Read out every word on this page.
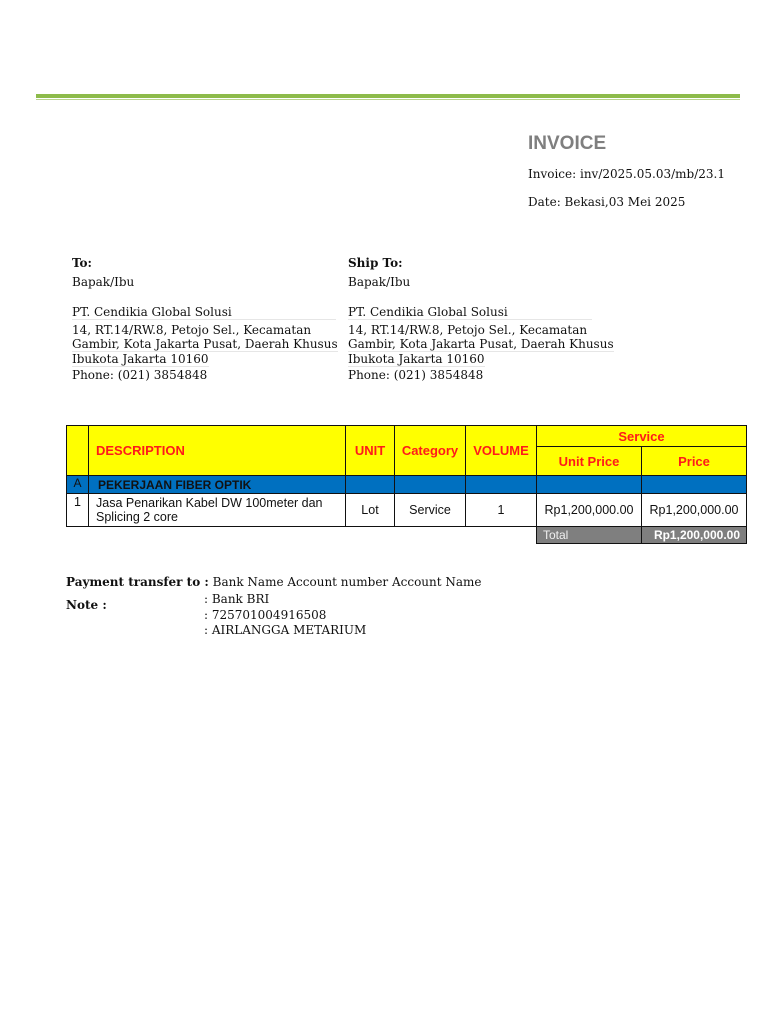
INVOICE
Invoice: inv/2025.05.03/mb/23.1
Date: Bekasi,03 Mei 2025
To:
Bapak/Ibu
PT. Cendikia Global Solusi
14, RT.14/RW.8, Petojo Sel., Kecamatan
Gambir, Kota Jakarta Pusat, Daerah Khusus
Ibukota Jakarta 10160
Phone: (021) 3854848
Ship To:
Bapak/Ibu
PT. Cendikia Global Solusi
14, RT.14/RW.8, Petojo Sel., Kecamatan
Gambir, Kota Jakarta Pusat, Daerah Khusus
Ibukota Jakarta 10160
Phone: (021) 3854848
	DESCRIPTION	UNIT	Category	VOLUME	Service	
					Unit Price	Price
A	PEKERJAAN FIBER OPTIK					
1	Jasa Penarikan Kabel DW 100meter dan
Splicing 2 core	Lot	Service	1	Rp1,200,000.00	Rp1,200,000.00
					Total	Rp1,200,000.00
Payment transfer to : Bank Name Account number Account Name
Note :	: Bank BRI
: 725701004916508
: AIRLANGGA METARIUM
